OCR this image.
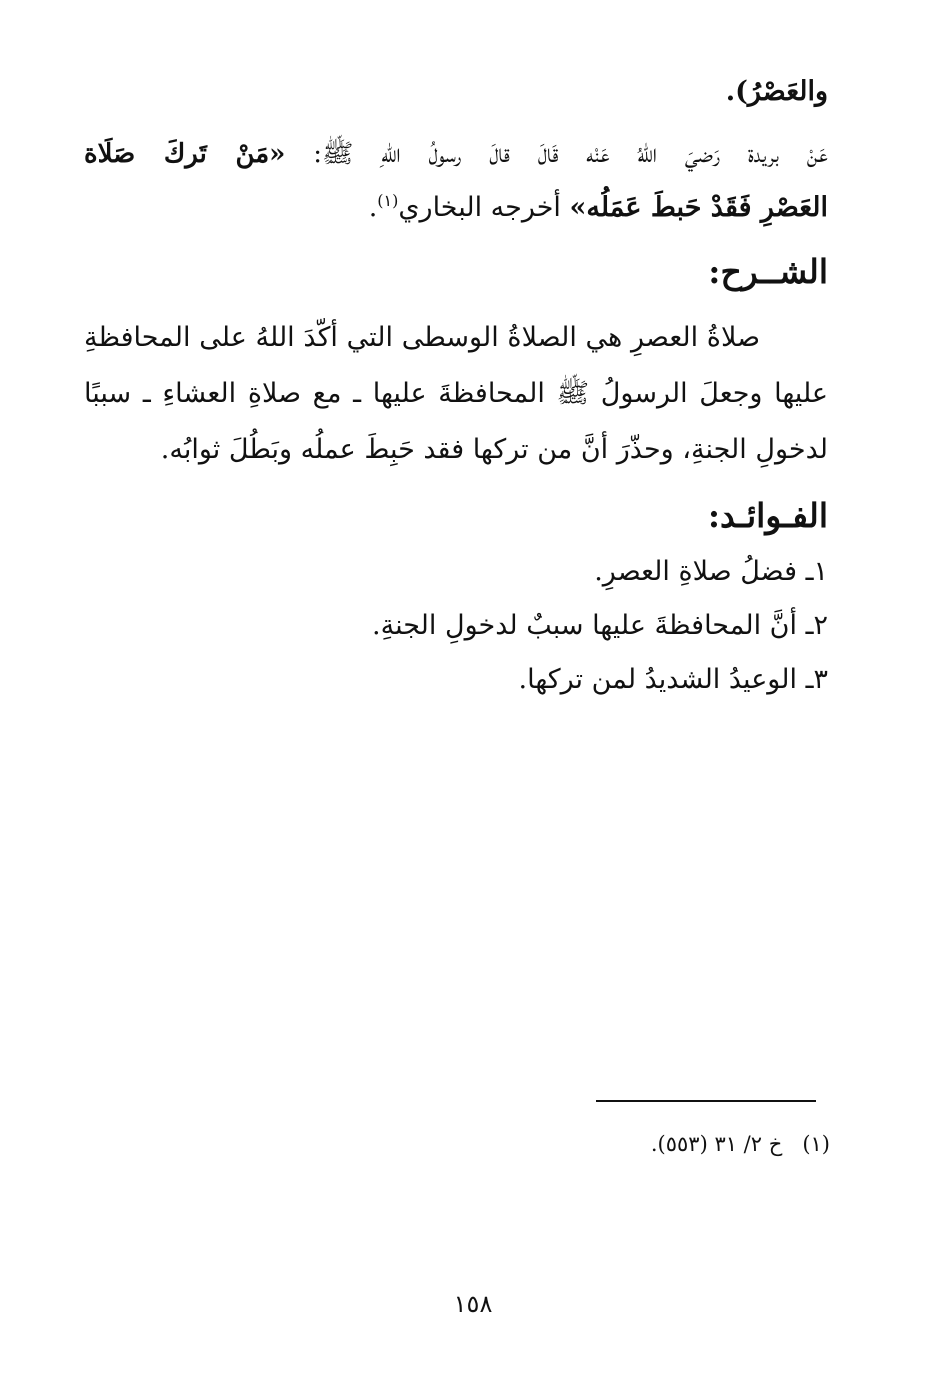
والعَصْرُ).

عَنْ بريدة رَضيَ اللهُ عَنْه قَالَ قالَ رسولُ اللهِ ﷺ: «مَنْ تَركَ صَلَاة

العَصْرِ فَقَدْ حَبطَ عَمَلُه» أخرجه البخاري$^{(١)}$.

الشــرح:

صلاةُ العصرِ هي الصلاةُ الوسطى التي أكّدَ اللهُ على المحافظةِ

عليها وجعلَ الرسولُ ﷺ المحافظةَ عليها ـ مع صلاةِ العشاءِ ـ سببًا

لدخولِ الجنةِ، وحذّرَ أنَّ من تركها فقد حَبِطَ عملُه وبَطُلَ ثوابُه.

الفـوائـد:

١ـ فضلُ صلاةِ العصرِ.

٢ـ أنَّ المحافظةَ عليها سببٌ لدخولِ الجنةِ.

٣ـ الوعيدُ الشديدُ لمن تركها.

(١)   خ ٢/ ٣١ (٥٥٣).

١٥٨
